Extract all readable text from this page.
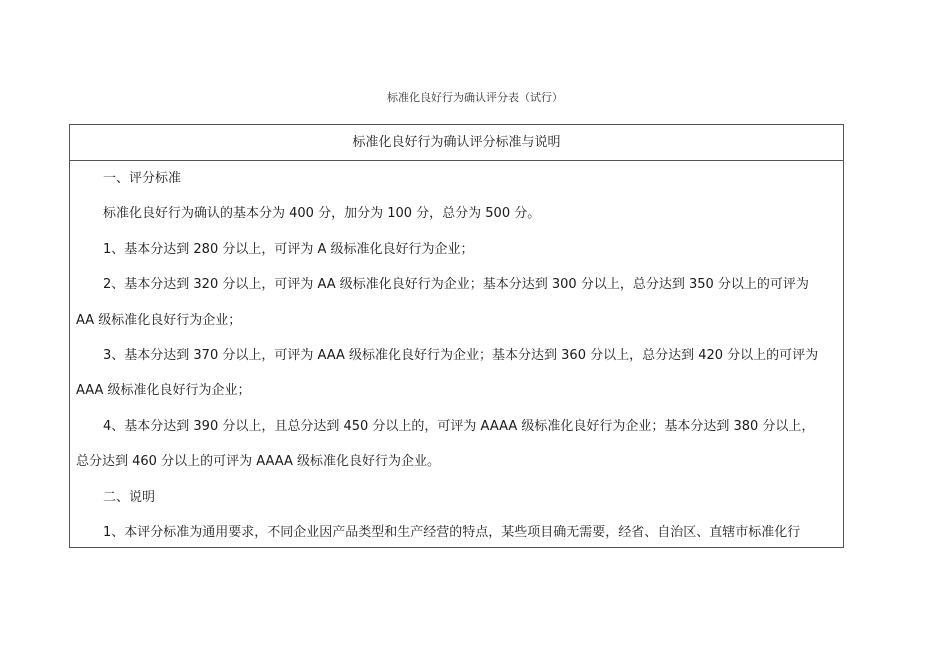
标准化良好行为确认评分表（试行）
标准化良好行为确认评分标准与说明

一、评分标准

标准化良好行为确认的基本分为 400 分，加分为 100 分，总分为 500 分。

1、基本分达到 280 分以上，可评为 A 级标准化良好行为企业；

2、基本分达到 320 分以上，可评为 AA 级标准化良好行为企业；基本分达到 300 分以上，总分达到 350 分以上的可评为

AA 级标准化良好行为企业；

3、基本分达到 370 分以上，可评为 AAA 级标准化良好行为企业；基本分达到 360 分以上，总分达到 420 分以上的可评为

AAA 级标准化良好行为企业；

4、基本分达到 390 分以上，且总分达到 450 分以上的，可评为 AAAA 级标准化良好行为企业；基本分达到 380 分以上，

总分达到 460 分以上的可评为 AAAA 级标准化良好行为企业。

二、说明

1、本评分标准为通用要求，不同企业因产品类型和生产经营的特点，某些项目确无需要，经省、自治区、直辖市标准化行
